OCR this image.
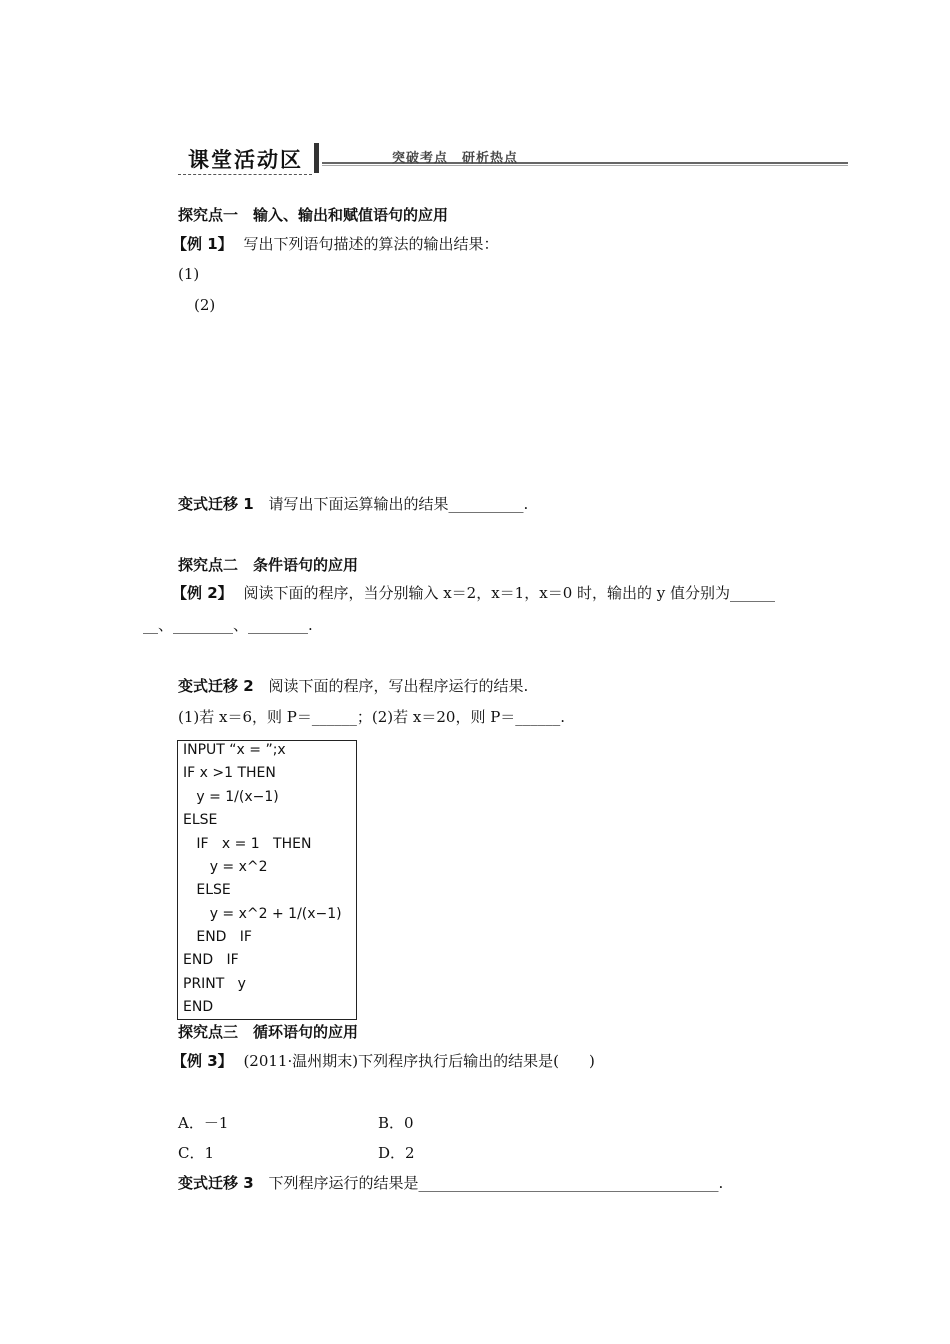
课堂活动区	突破考点　研析热点
探究点一　输入、输出和赋值语句的应用
【例 1】 写出下列语句描述的算法的输出结果：
(1)
(2)
变式迁移 1 请写出下面运算输出的结果__________.
探究点二　条件语句的应用
【例 2】 阅读下面的程序，当分别输入 x＝2，x＝1，x＝0 时，输出的 y 值分别为______
__、________、________.
变式迁移 2 阅读下面的程序，写出程序运行的结果.
(1)若 x＝6，则 P＝______；(2)若 x＝20，则 P＝______.
INPUT “x = ”;x
IF x >1 THEN
y = 1/(x−1)
ELSE
IF   x = 1   THEN
y = x^2
ELSE
y = x^2 + 1/(x−1)
END   IF
END   IF
PRINT   y
END
探究点三　循环语句的应用
【例 3】 (2011·温州期末)下列程序执行后输出的结果是(　　)
A．－1	B．0
C．1	D．2
变式迁移 3 下列程序运行的结果是________________________________________.
